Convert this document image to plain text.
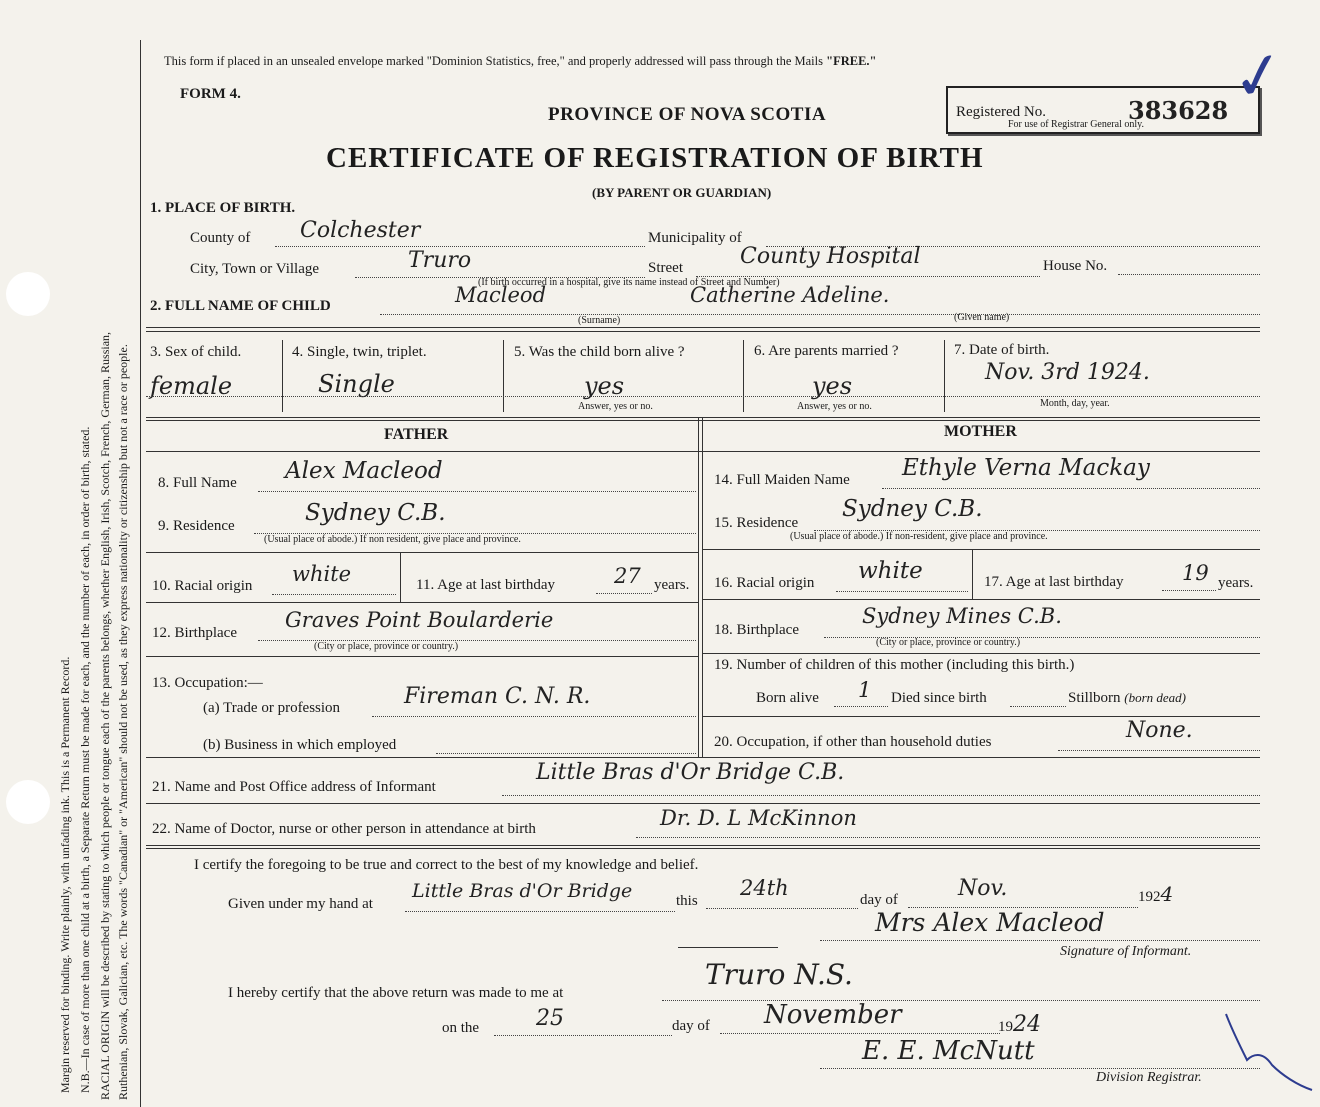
Margin reserved for binding. Write plainly, with unfading ink. This is a Permanent Record. N.B.—In case of more than one child at a birth, a Separate Return must be made for each, and the number of each, in order of birth, stated. RACIAL ORIGIN will be described by stating to which people or tongue each of the parents belongs, whether English, Irish, Scotch, French, German, Russian, Ruthenian, Slovak, Galician, etc. The words "Canadian" or "American" should not be used, as they express nationality or citizenship but not a race or people.
This form if placed in an unsealed envelope marked "Dominion Statistics, free," and properly addressed will pass through the Mails "FREE."
FORM 4.
PROVINCE OF NOVA SCOTIA	Registered No.	383628
For use of Registrar General only.
✓
CERTIFICATE OF REGISTRATION OF BIRTH
(BY PARENT OR GUARDIAN)
1. PLACE OF BIRTH.
County of Colchester	Municipality of
City, Town or Village	Truro	Street	County Hospital	House No.
(If birth occurred in a hospital, give its name instead of Street and Number)
2. FULL NAME OF CHILD	Macleod	Catherine Adeline.
(Surname)	(Given name)
3. Sex of child.
female
4. Single, twin, triplet.
Single
5. Was the child born alive ?
yes
Answer, yes or no.
6. Are parents married ?
yes
Answer, yes or no.
7. Date of birth.
Nov. 3rd 1924.
Month, day, year.
FATHER	MOTHER
8. Full Name Alex Macleod
9. Residence	Sydney C.B.
(Usual place of abode.) If non resident, give place and province.
10. Racial origin white	11. Age at last birthday	27 years.
12. Birthplace
Graves Point Boularderie
(City or place, province or country.)
13. Occupation:—
(a) Trade or profession	Fireman C. N. R.
(b) Business in which employed
14. Full Maiden Name Ethyle Verna Mackay
15. Residence
Sydney C.B.
(Usual place of abode.) If non-resident, give place and province.
16. Racial origin white	17. Age at last birthday	19 years.
18. Birthplace
Sydney Mines C.B.
(City or place, province or country.)
19. Number of children of this mother (including this birth.)
Born alive 1 Died since birth	Stillborn (born dead)
20. Occupation, if other than household duties	None.
21. Name and Post Office address of Informant
Little Bras d'Or Bridge C.B.
22. Name of Doctor, nurse or other person in attendance at birth	Dr. D. L McKinnon
I certify the foregoing to be true and correct to the best of my knowledge and belief.
Given under my hand at
Little Bras d'Or Bridge	this
24th	day of	Nov.	1924
Mrs Alex Macleod
Signature of Informant.
I hereby certify that the above return was made to me at
Truro N.S.
on the	25	day of November	1924
E. E. McNutt
Division Registrar.
